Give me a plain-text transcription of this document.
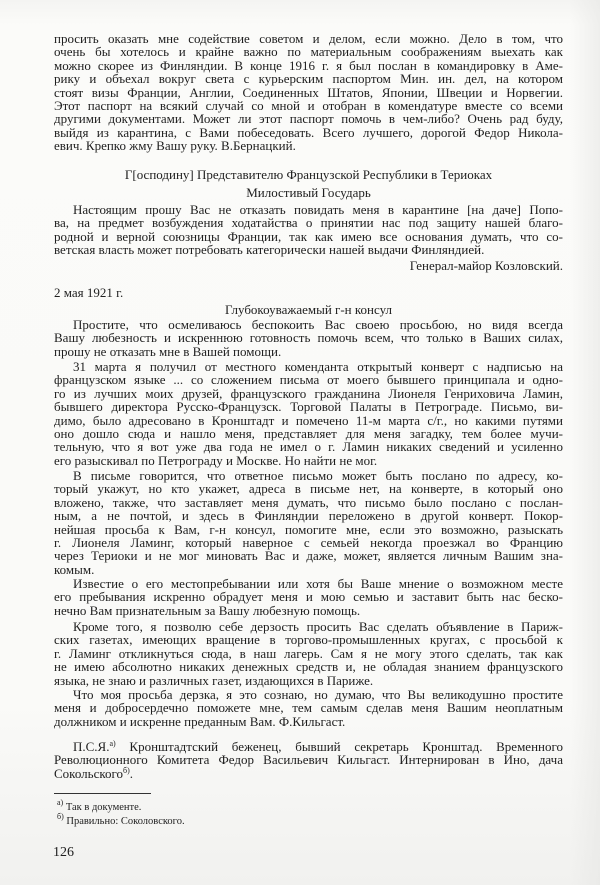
просить оказать мне содействие советом и делом, если можно. Дело в том, что
очень бы хотелось и крайне важно по материальным соображениям выехать как
можно скорее из Финляндии. В конце 1916 г. я был послан в командировку в Аме-
рику и объехал вокруг света с курьерским паспортом Мин. ин. дел, на котором
стоят визы Франции, Англии, Соединенных Штатов, Японии, Швеции и Норвегии.
Этот паспорт на всякий случай со мной и отобран в комендатуре вместе со всеми
другими документами. Может ли этот паспорт помочь в чем-либо? Очень рад буду,
выйдя из карантина, с Вами побеседовать. Всего лучшего, дорогой Федор Никола-
евич. Крепко жму Вашу руку. В.Бернацкий.
Г[осподину] Представителю Французской Республики в Териоках
Милостивый Государь
Настоящим прошу Вас не отказать повидать меня в карантине [на даче] Попо-
ва, на предмет возбуждения ходатайства о принятии нас под защиту нашей благо-
родной и верной союзницы Франции, так как имею все основания думать, что со-
ветская власть может потребовать категорически нашей выдачи Финляндией.
Генерал-майор Козловский.
2 мая 1921 г.
Глубокоуважаемый г-н консул
Простите, что осмеливаюсь беспокоить Вас своею просьбою, но видя всегда
Вашу любезность и искреннюю готовность помочь всем, что только в Ваших силах,
прошу не отказать мне в Вашей помощи.
31 марта я получил от местного коменданта открытый конверт с надписью на
французском языке ... со сложением письма от моего бывшего принципала и одно-
го из лучших моих друзей, французского гражданина Лионеля Генриховича Ламин,
бывшего директора Русско-Французск. Торговой Палаты в Петрограде. Письмо, ви-
димо, было адресовано в Кронштадт и помечено 11-м марта с/г., но какими путями
оно дошло сюда и нашло меня, представляет для меня загадку, тем более мучи-
тельную, что я вот уже два года не имел о г. Ламин никаких сведений и усиленно
его разыскивал по Петрограду и Москве. Но найти не мог.
В письме говорится, что ответное письмо может быть послано по адресу, ко-
торый укажут, но кто укажет, адреса в письме нет, на конверте, в который оно
вложено, также, что заставляет меня думать, что письмо было послано с послан-
ным, а не почтой, и здесь в Финляндии переложено в другой конверт. Покор-
нейшая просьба к Вам, г-н консул, помогите мне, если это возможно, разыскать
г. Лионеля Ламинг, который наверное с семьей некогда проезжал во Францию
через Териоки и не мог миновать Вас и даже, может, является личным Вашим зна-
комым.
Известие о его местопребывании или хотя бы Ваше мнение о возможном месте
его пребывания искренно обрадует меня и мою семью и заставит быть нас беско-
нечно Вам признательным за Вашу любезную помощь.
Кроме того, я позволю себе дерзость просить Вас сделать объявление в Париж-
ских газетах, имеющих вращение в торгово-промышленных кругах, с просьбой к
г. Ламинг откликнуться сюда, в наш лагерь. Сам я не могу этого сделать, так как
не имею абсолютно никаких денежных средств и, не обладая знанием французского
языка, не знаю и различных газет, издающихся в Париже.
Что моя просьба дерзка, я это сознаю, но думаю, что Вы великодушно простите
меня и добросердечно поможете мне, тем самым сделав меня Вашим неоплатным
должником и искренне преданным Вам. Ф.Кильгаст.
П.С.Я.$^{а)}$ Кронштадтский беженец, бывший секретарь Кронштад. Временного
Революционного Комитета Федор Васильевич Кильгаст. Интернирован в Ино, дача
Сокольского$^{б)}$.
$^{а)}$ Так в документе.
$^{б)}$ Правильно: Соколовского.
126
